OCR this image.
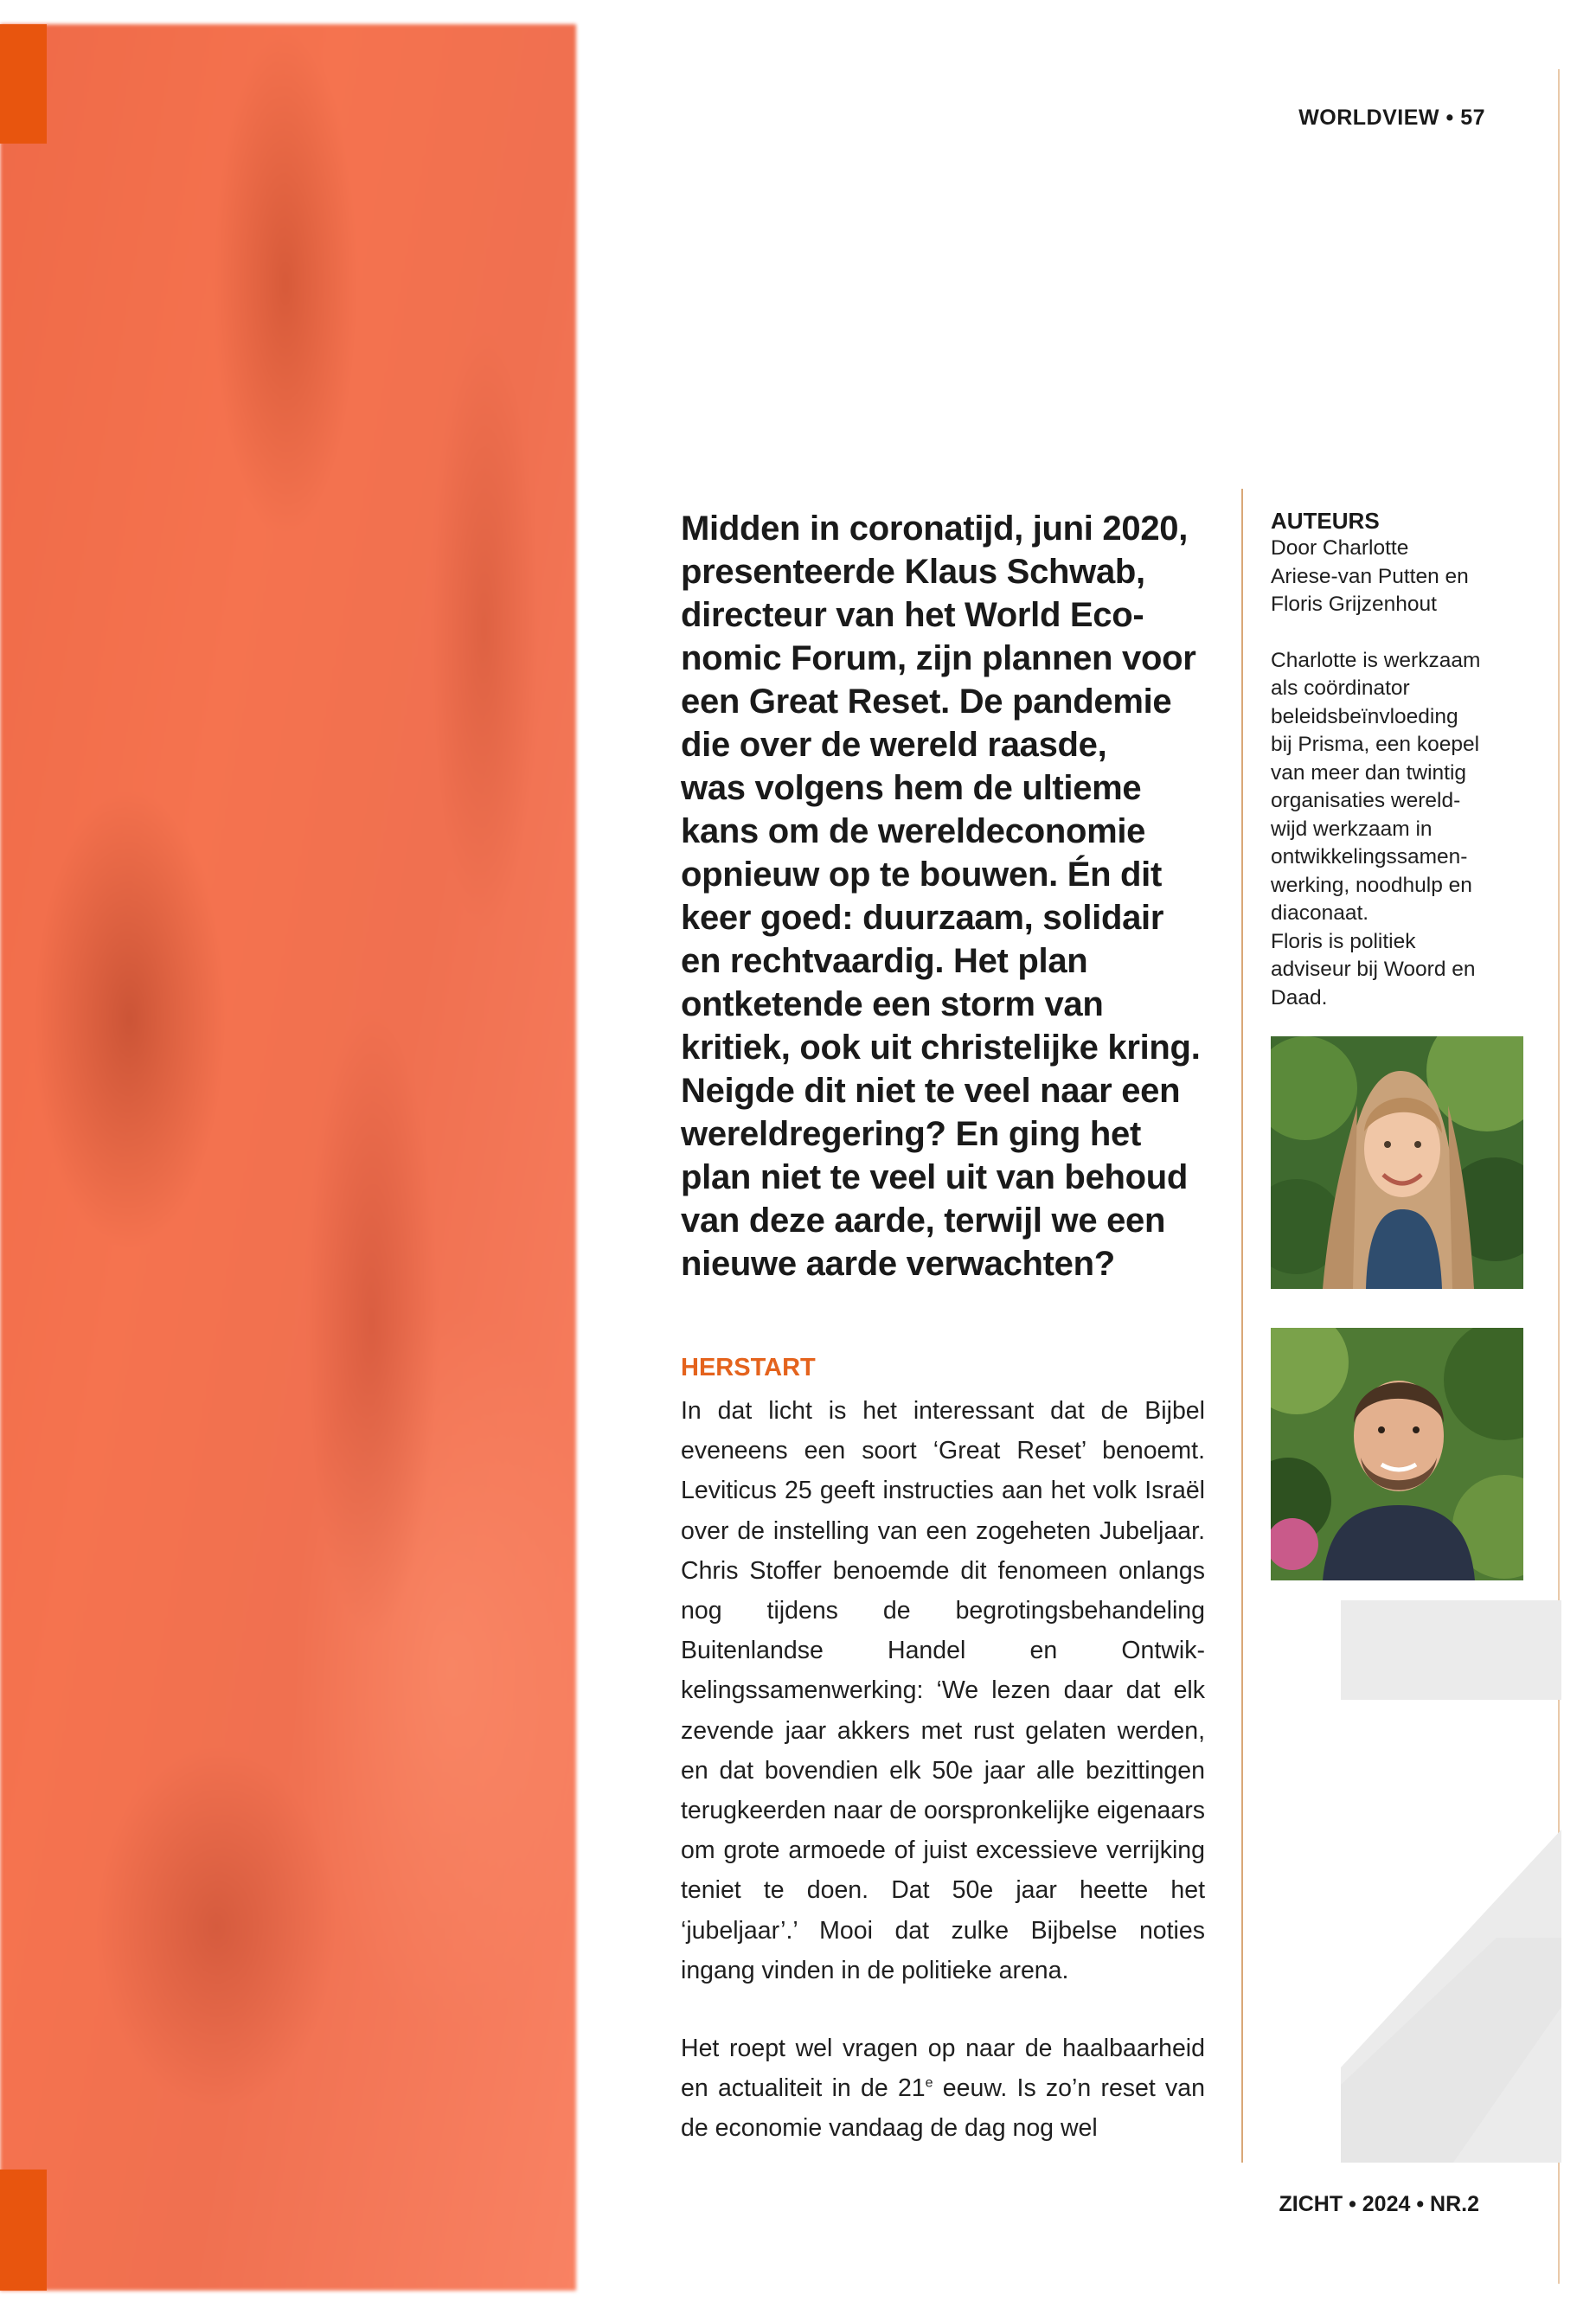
WORLDVIEW • 57
Midden in coronatijd, juni 2020,
presenteerde Klaus Schwab,
directeur van het World Eco-
nomic Forum, zijn plannen voor
een Great Reset. De pandemie
die over de wereld raasde,
was volgens hem de ultieme
kans om de wereldeconomie
opnieuw op te bouwen. Én dit
keer goed: duurzaam, solidair
en rechtvaardig. Het plan
ontketende een storm van
kritiek, ook uit christelijke kring.
Neigde dit niet te veel naar een
wereldregering? En ging het
plan niet te veel uit van behoud
van deze aarde, terwijl we een
nieuwe aarde verwachten?
HERSTART

In dat licht is het interessant dat de Bijbel eveneens een soort ‘Great Reset’ benoemt. Leviticus 25 geeft instructies aan het volk Israël over de instelling van een zogeheten Jubeljaar. Chris Stoffer benoemde dit fenomeen onlangs nog tijdens de begrotingsbehandeling Buitenlandse Handel en Ontwikkelingssamenwerking: ‘We lezen daar dat elk zevende jaar akkers met rust gelaten werden, en dat bovendien elk 50e jaar alle bezittingen terugkeerden naar de oorspronkelijke eigenaars om grote armoede of juist excessieve verrijking teniet te doen. Dat 50e jaar heette het ‘jubeljaar’.’ Mooi dat zulke Bijbelse noties ingang vinden in de politieke arena.

Het roept wel vragen op naar de haalbaarheid en actualiteit in de 21e eeuw. Is zo’n reset van de economie vandaag de dag nog wel

AUTEURS

Door Charlotte

Ariese-van Putten en

Floris Grijzenhout

Charlotte is werkzaam

als coördinator

beleidsbeïnvloeding

bij Prisma, een koepel

van meer dan twintig

organisaties wereld-

wijd werkzaam in

ontwikkelingssamen-

werking, noodhulp en

diaconaat.

Floris is politiek

adviseur bij Woord en

Daad.

ZICHT • 2024 • NR.2
